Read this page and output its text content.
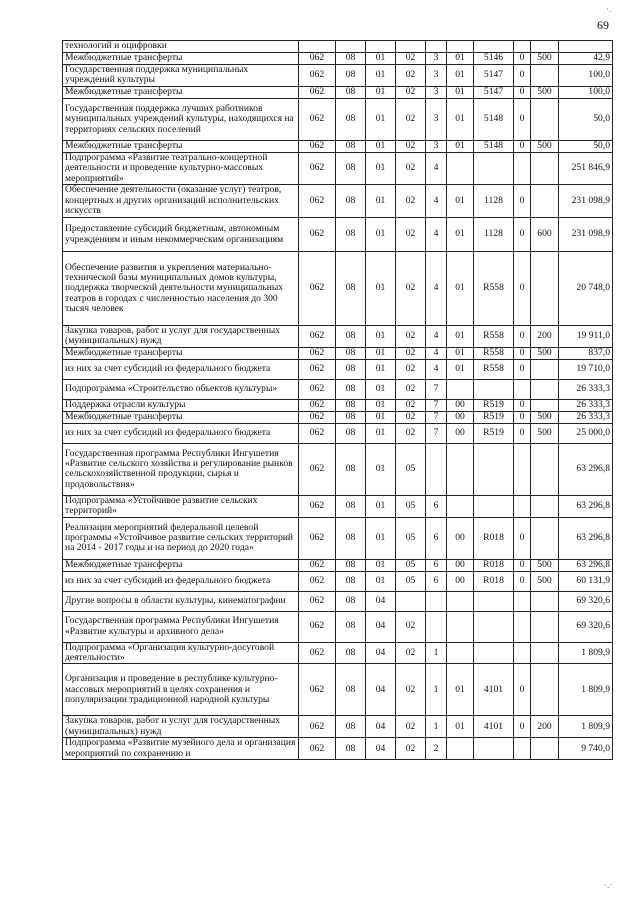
69
·.
·.·
технологий и оцифровки										
Межбюджетные трансферты	062	08	01	02	3	01	5146	0	500	42,9
Государственная поддержка муниципальных учреждений культуры	062	08	01	02	3	01	5147	0		100,0
Межбюджетные трансферты	062	08	01	02	3	01	5147	0	500	100,0
Государственная поддержка лучших работников муниципальных учреждений культуры, находящихся на территориях сельских поселений	062	08	01	02	3	01	5148	0		50,0
Межбюджетные трансферты	062	08	01	02	3	01	5148	0	500	50,0
Подпрограмма «Развитие театрально-концертной деятельности и проведение культурно-массовых мероприятий»	062	08	01	02	4					251 846,9
Обеспечение деятельности (оказание услуг) театров, концертных и других организаций исполнительских искусств	062	08	01	02	4	01	1128	0		231 098,9
Предоставление субсидий бюджетным, автономным учреждениям и иным некоммерческим организациям	062	08	01	02	4	01	1128	0	600	231 098,9
Обеспечение развития и укрепления материально-технической базы муниципальных домов культуры, поддержка творческой деятельности муниципальных театров в городах с численностью населения до 300 тысяч человек	062	08	01	02	4	01	R558	0		20 748,0
Закупка товаров, работ и услуг для государственных (муниципальных) нужд	062	08	01	02	4	01	R558	0	200	19 911,0
Межбюджетные трансферты	062	08	01	02	4	01	R558	0	500	837,0
из них за счет субсидий из федерального бюджета	062	08	01	02	4	01	R558	0		19 710,0
Подпрограмма «Строительство объектов культуры»	062	08	01	02	7					26 333,3
Поддержка отрасли культуры	062	08	01	02	7	00	R519	0		26 333,3
Межбюджетные трансферты	062	08	01	02	7	00	R519	0	500	26 333,3
из них за счет субсидий из федерального бюджета	062	08	01	02	7	00	R519	0	500	25 000,0
Государственная программа Республики Ингушетия «Развитие сельского хозяйства и регулирование рынков сельскохозяйственной продукции, сырья и продовольствия»	062	08	01	05						63 296,8
Подпрограмма «Устойчивое развитие сельских территорий»	062	08	01	05	6					63 296,8
Реализация мероприятий федеральной целевой программы «Устойчивое развитие сельских территорий на 2014 - 2017 годы и на период до 2020 года»	062	08	01	05	6	00	R018	0		63 296,8
Межбюджетные трансферты	062	08	01	05	6	00	R018	0	500	63 296,8
из них за счет субсидий из федерального бюджета	062	08	01	05	6	00	R018	0	500	60 131,9
Другие вопросы в области культуры, кинематографии	062	08	04							69 320,6
Государственная программа Республики Ингушетия «Развитие культуры и архивного дела»	062	08	04	02						69 320,6
Подпрограмма «Организация культурно-досуговой деятельности»	062	08	04	02	1					1 809,9
Организация и проведение в республике культурно-массовых мероприятий в целях сохранения и популяризации традиционной народной культуры	062	08	04	02	1	01	4101	0		1 809,9
Закупка товаров, работ и услуг для государственных (муниципальных) нужд	062	08	04	02	1	01	4101	0	200	1 809,9
Подпрограмма «Развитие музейного дела и организация мероприятий по сохранению и	062	08	04	02	2					9 740,0
